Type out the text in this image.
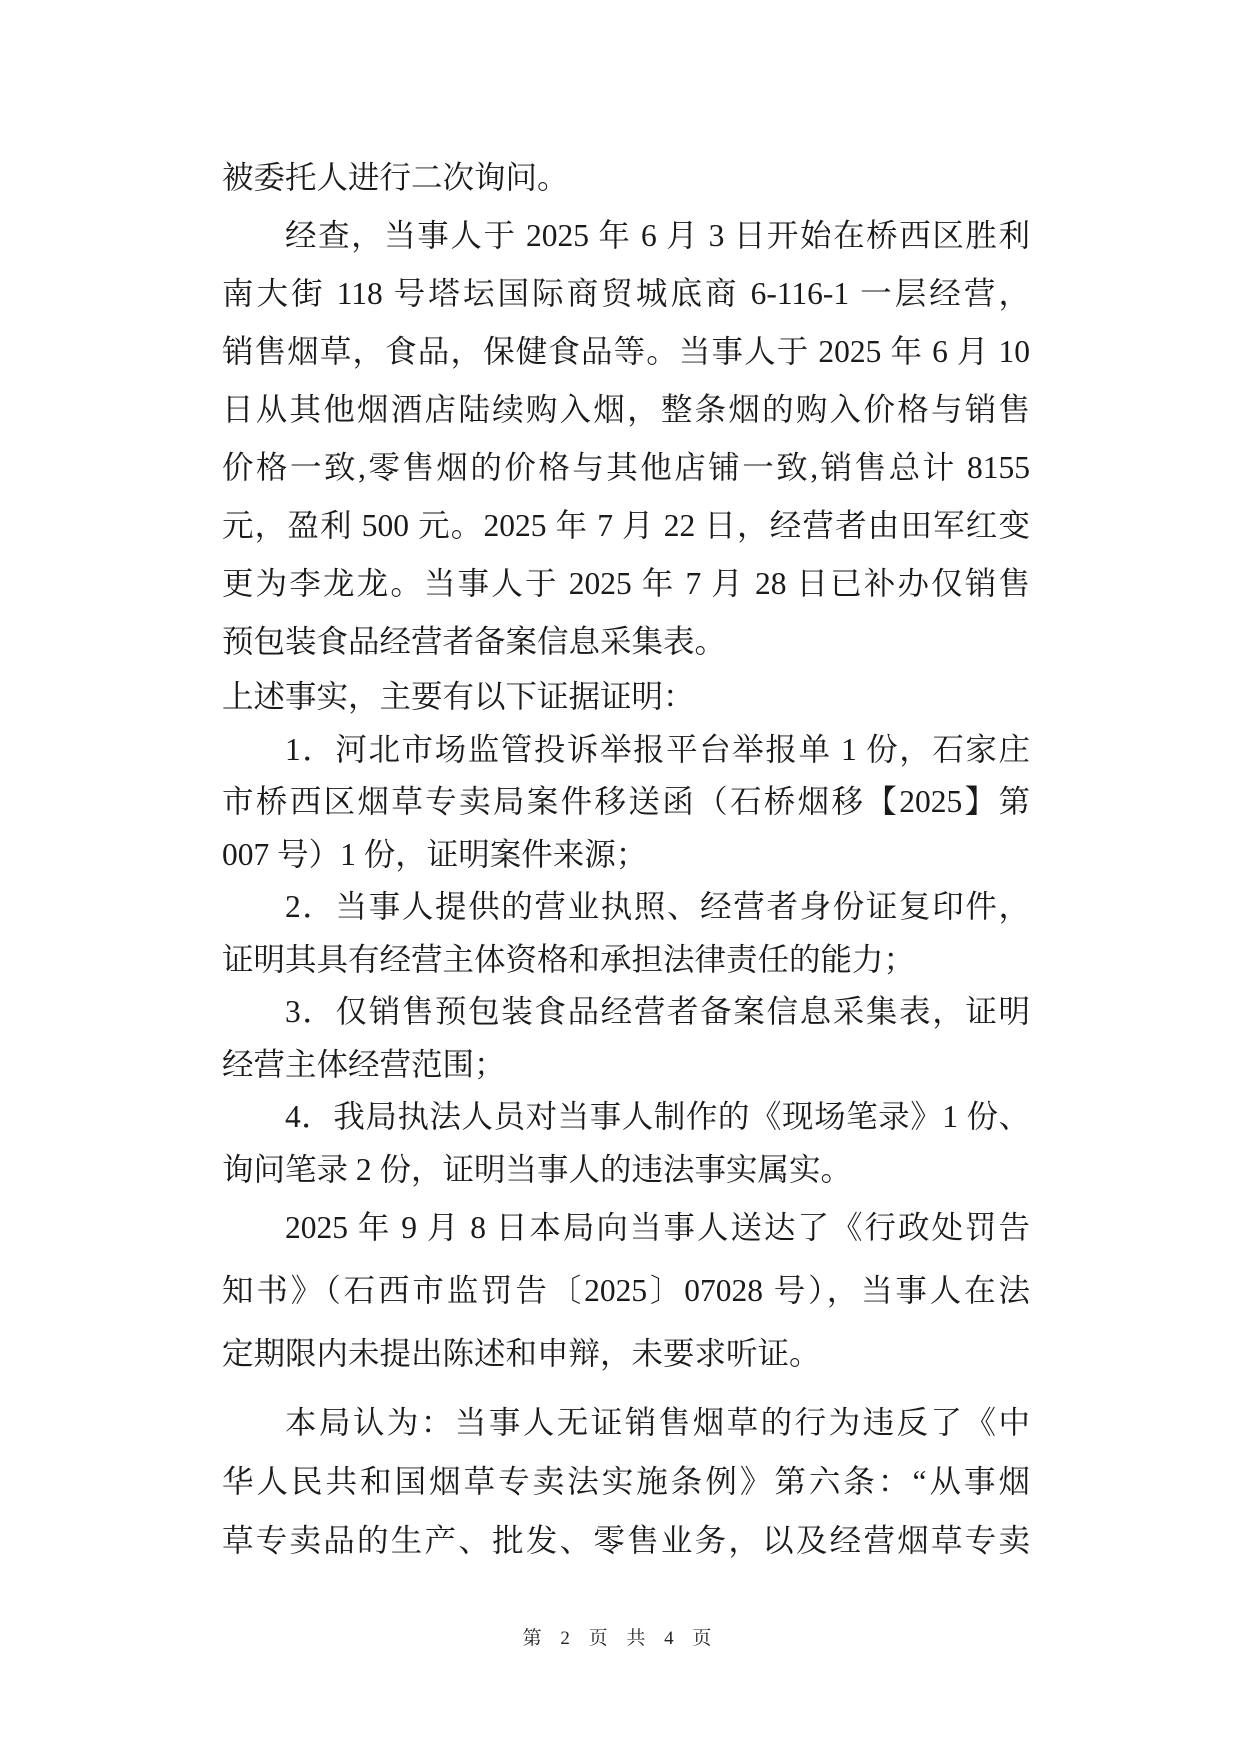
被委托人进行二次询问。

经查，当事人于 2025 年 6 月 3 日开始在桥西区胜利

南大街 118 号塔坛国际商贸城底商 6-116-1 一层经营，

销售烟草，食品，保健食品等。当事人于 2025 年 6 月 10

日从其他烟酒店陆续购入烟，整条烟的购入价格与销售

价格一致,零售烟的价格与其他店铺一致,销售总计 8155

元，盈利 500 元。2025 年 7 月 22 日，经营者由田军红变

更为李龙龙。当事人于 2025 年 7 月 28 日已补办仅销售

预包装食品经营者备案信息采集表。

上述事实，主要有以下证据证明：

1．河北市场监管投诉举报平台举报单 1 份，石家庄

市桥西区烟草专卖局案件移送函（石桥烟移【2025】第

007 号）1 份，证明案件来源；

2．当事人提供的营业执照、经营者身份证复印件，

证明其具有经营主体资格和承担法律责任的能力；

3．仅销售预包装食品经营者备案信息采集表，证明

经营主体经营范围；

4．我局执法人员对当事人制作的《现场笔录》1 份、

询问笔录 2 份，证明当事人的违法事实属实。

2025 年 9 月 8 日本局向当事人送达了《行政处罚告

知书》（石西市监罚告〔2025〕07028 号），当事人在法

定期限内未提出陈述和申辩，未要求听证。

本局认为：当事人无证销售烟草的行为违反了《中

华人民共和国烟草专卖法实施条例》第六条：“从事烟

草专卖品的生产、批发、零售业务，以及经营烟草专卖

第 2 页 共 4 页
